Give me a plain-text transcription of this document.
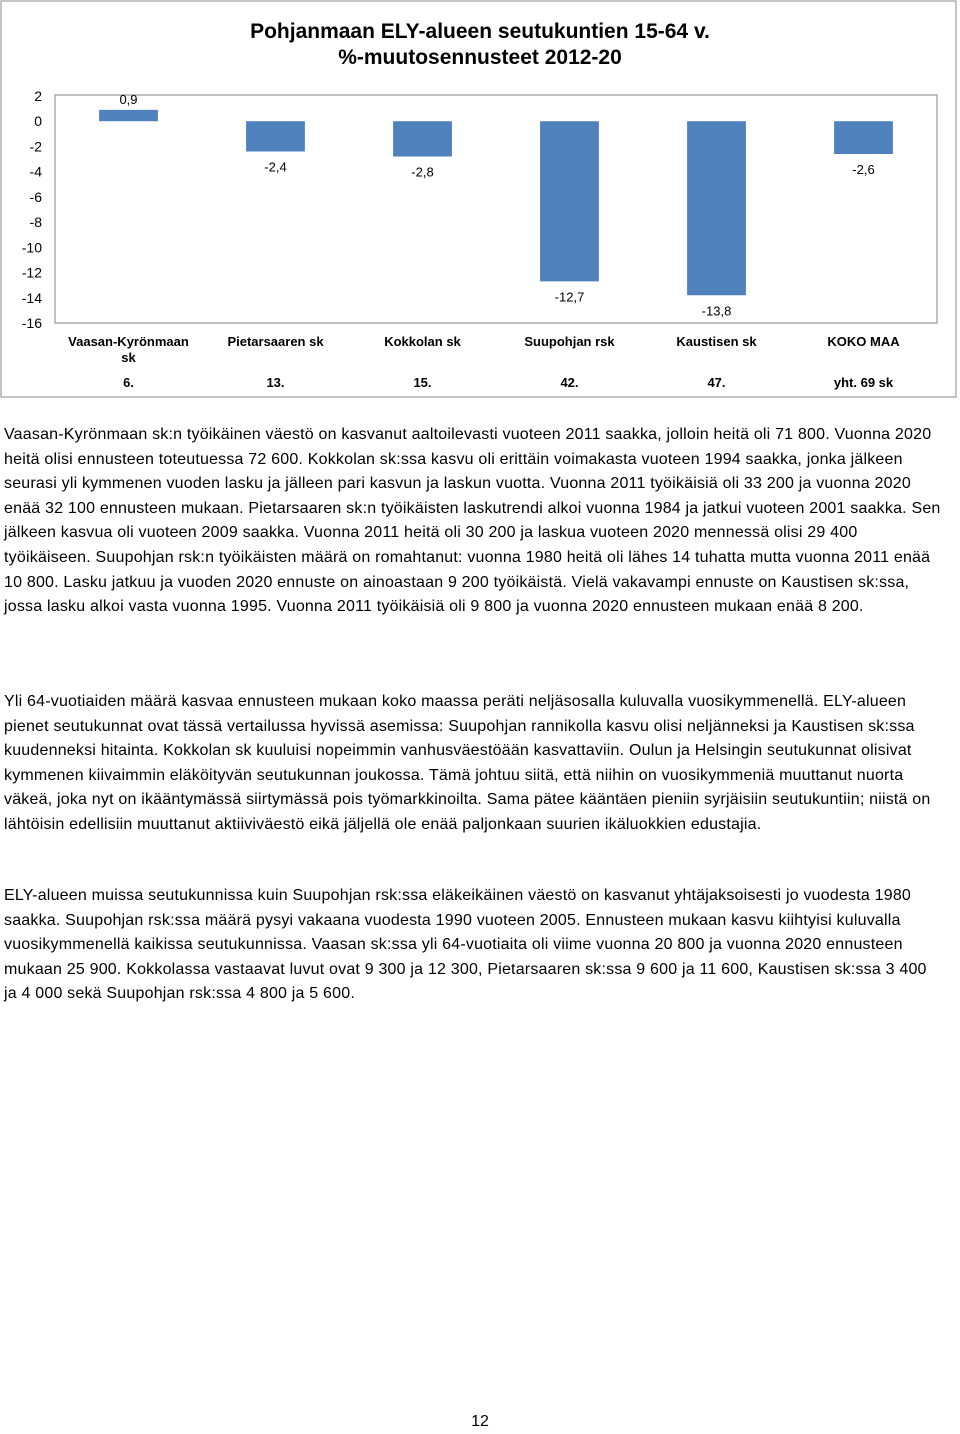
2
0
-2
-4
-6
-8
-10
-12
-14
-16
0,9
-2,4	-2,8
-12,7
-13,8
-2,6
Vaasan-Kyrönmaan sk
Pietarsaaren sk	Kokkolan sk	Suupohjan rsk	Kaustisen sk	KOKO MAA
6.	13.	15.	42.	47.	yht. 69 sk
Pohjanmaan ELY-alueen seutukuntien 15-64 v.
%-muutosennusteet 2012-20

Vaasan-Kyrönmaan sk:n työikäinen väestö on kasvanut aaltoilevasti vuoteen 2011 saakka, jolloin heitä oli 71 800. Vuonna 2020 heitä olisi ennusteen toteutuessa 72 600. Kokkolan sk:ssa kasvu oli erittäin voimakasta vuoteen 1994 saakka, jonka jälkeen seurasi yli kymmenen vuoden lasku ja jälleen pari kasvun ja laskun vuotta. Vuonna 2011 työikäisiä oli 33 200 ja vuonna 2020 enää 32 100 ennusteen mukaan. Pietarsaaren sk:n työikäisten laskutrendi alkoi vuonna 1984 ja jatkui vuoteen 2001 saakka. Sen jälkeen kasvua oli vuoteen 2009 saakka. Vuonna 2011 heitä oli 30 200 ja laskua vuoteen 2020 mennessä olisi 29 400 työikäiseen. Suupohjan rsk:n työikäisten määrä on romahtanut: vuonna 1980 heitä oli lähes 14 tuhatta mutta vuonna 2011 enää 10 800. Lasku jatkuu ja vuoden 2020 ennuste on ainoastaan 9 200 työikäistä. Vielä vakavampi ennuste on Kaustisen sk:ssa, jossa lasku alkoi vasta vuonna 1995. Vuonna 2011 työikäisiä oli 9 800 ja vuonna 2020 ennusteen mukaan enää 8 200.

Yli 64-vuotiaiden määrä kasvaa ennusteen mukaan koko maassa peräti neljäsosalla kuluvalla vuosikymmenellä. ELY-alueen pienet seutukunnat ovat tässä vertailussa hyvissä asemissa: Suupohjan rannikolla kasvu olisi neljänneksi ja Kaustisen sk:ssa kuudenneksi hitainta. Kokkolan sk kuuluisi nopeimmin vanhusväestöään kasvattaviin. Oulun ja Helsingin seutukunnat olisivat kymmenen kiivaimmin eläköityvän seutukunnan joukossa. Tämä johtuu siitä, että niihin on vuosikymmeniä muuttanut nuorta väkeä, joka nyt on ikääntymässä siirtymässä pois työmarkkinoilta. Sama pätee kääntäen pieniin syrjäisiin seutukuntiin; niistä on lähtöisin edellisiin muuttanut aktiiviväestö eikä jäljellä ole enää paljonkaan suurien ikäluokkien edustajia.

ELY-alueen muissa seutukunnissa kuin Suupohjan rsk:ssa eläkeikäinen väestö on kasvanut yhtäjaksoisesti jo vuodesta 1980 saakka. Suupohjan rsk:ssa määrä pysyi vakaana vuodesta 1990 vuoteen 2005. Ennusteen mukaan kasvu kiihtyisi kuluvalla vuosikymmenellä kaikissa seutukunnissa. Vaasan sk:ssa yli 64-vuotiaita oli viime vuonna 20 800 ja vuonna 2020 ennusteen mukaan 25 900. Kokkolassa vastaavat luvut ovat 9 300 ja 12 300, Pietarsaaren sk:ssa 9 600 ja 11 600, Kaustisen sk:ssa 3 400 ja 4 000 sekä Suupohjan rsk:ssa 4 800 ja 5 600.

12
